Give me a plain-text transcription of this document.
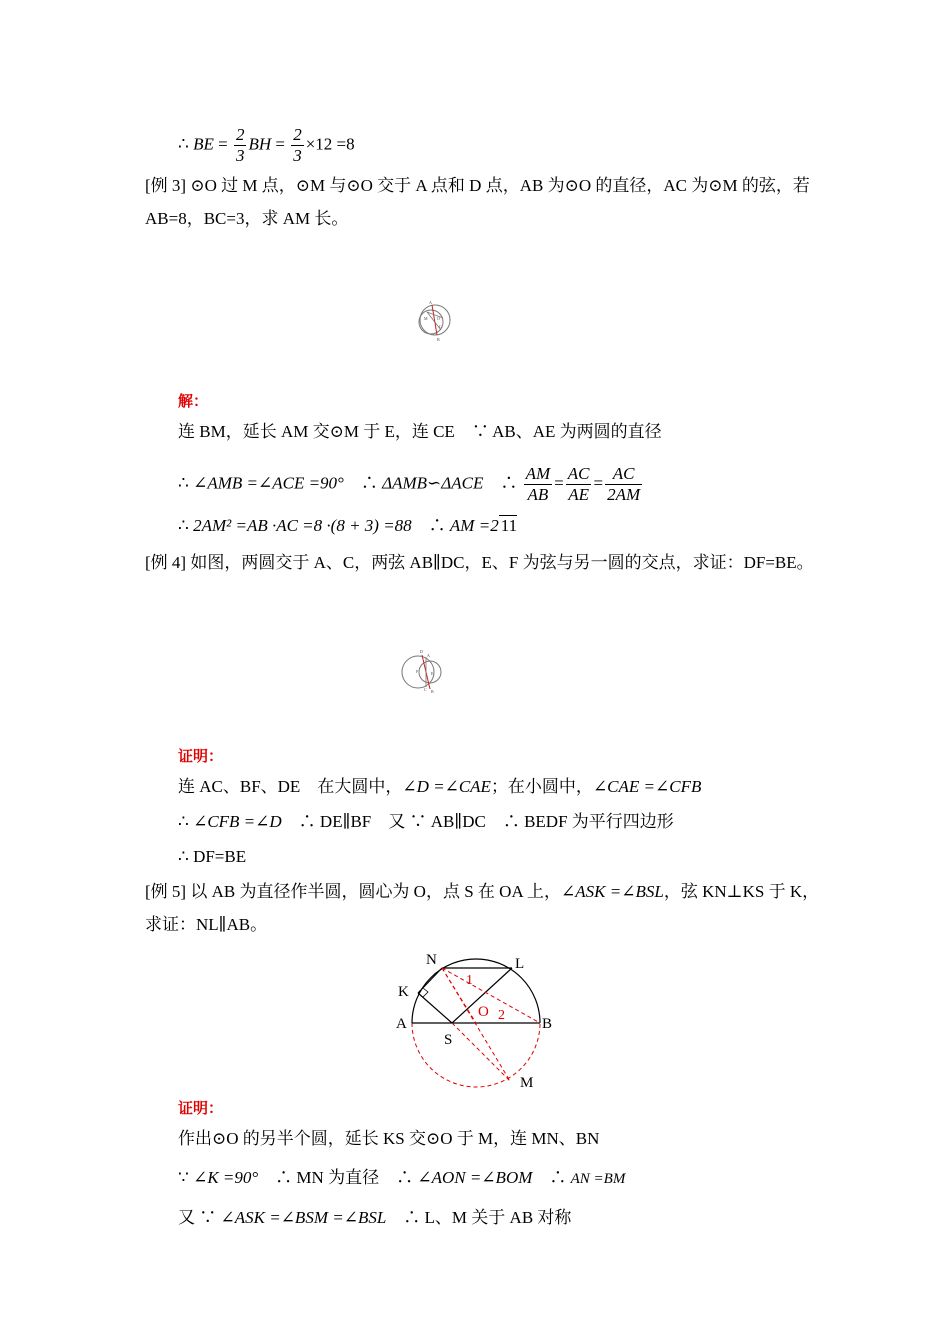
∴ BE = $\frac{2}{3}$ BH = $\frac{2}{3} \times 12 =8$
[例 3] ⊙O 过 M 点，⊙M 与⊙O 交于 A 点和 D 点，AB 为⊙O 的直径，AC 为⊙M 的弦，若
AB=8，BC=3，求 AM 长。
A
M O
C
B
解：
连 BM，延长 AM 交⊙M 于 E，连 CE　∵ AB、AE 为两圆的直径
∴ ∠AMB =∠ACE =90°　∴ ΔAMB∽ΔACE　∴ $\frac{AM}{AB} = \frac{AC}{AE} = \frac{AC}{2AM}$
∴ 2AM² =AB ·AC =8 ·(8 + 3) =88　∴ AM =2 11
[例 4] 如图，两圆交于 A、C，两弦 AB∥DC，E、F 为弦与另一圆的交点，求证：DF=BE。
D
A
F	E
C B
证明：
连 AC、BF、DE　在大圆中，∠D =∠CAE；在小圆中，∠CAE =∠CFB
∴ ∠CFB =∠D　∴ DE∥BF　又 ∵ AB∥DC　∴ BEDF 为平行四边形
∴ DF=BE
[例 5] 以 AB 为直径作半圆，圆心为 O，点 S 在 OA 上，∠ASK =∠BSL，弦 KN⊥KS 于 K，
求证：NL∥AB。
N	L
K
A	B
O 2
1
S
M
证明：
作出⊙O 的另半个圆，延长 KS 交⊙O 于 M，连 MN、BN
∵ ∠K =90°　∴ MN 为直径　∴ ∠AON =∠BOM　∴ AN =BM
又 ∵ ∠ASK =∠BSM =∠BSL　∴ L、M 关于 AB 对称
